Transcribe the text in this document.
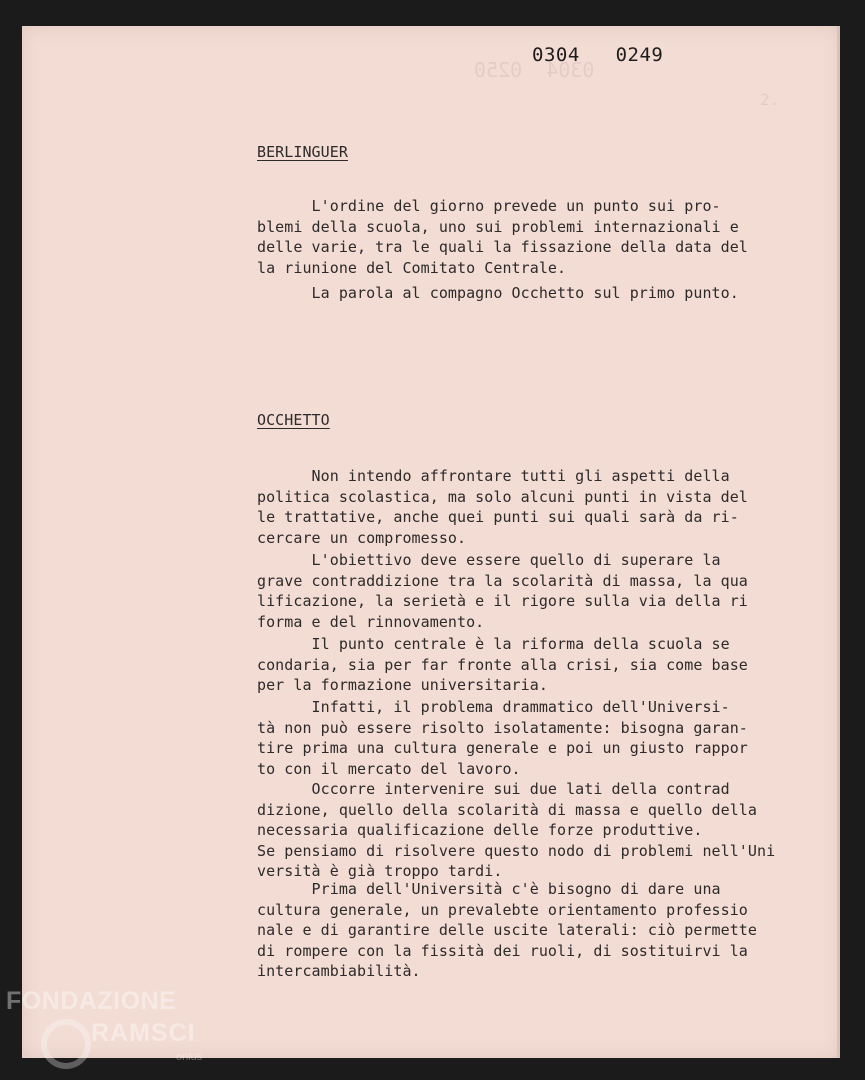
0304  0250

2.

0304   0249

BERLINGUER

L'ordine del giorno prevede un punto sui pro-
blemi della scuola, uno sui problemi internazionali e
delle varie, tra le quali la fissazione della data del
la riunione del Comitato Centrale.

La parola al compagno Occhetto sul primo punto.

OCCHETTO

Non intendo affrontare tutti gli aspetti della
politica scolastica, ma solo alcuni punti in vista del
le trattative, anche quei punti sui quali sarà da ri-
cercare un compromesso.

L'obiettivo deve essere quello di superare la
grave contraddizione tra la scolarità di massa, la qua
lificazione, la serietà e il rigore sulla via della ri
forma e del rinnovamento.

Il punto centrale è la riforma della scuola se
condaria, sia per far fronte alla crisi, sia come base
per la formazione universitaria.

Infatti, il problema drammatico dell'Universi-
tà non può essere risolto isolatamente: bisogna garan-
tire prima una cultura generale e poi un giusto rappor
to con il mercato del lavoro.

Occorre intervenire sui due lati della contrad
dizione, quello della scolarità di massa e quello della
necessaria qualificazione delle forze produttive.
Se pensiamo di risolvere questo nodo di problemi nell'Uni
versità è già troppo tardi.

Prima dell'Università c'è bisogno di dare una
cultura generale, un prevalebte orientamento professio
nale e di garantire delle uscite laterali: ciò permette
di rompere con la fissità dei ruoli, di sostituirvi la
intercambiabilità.

FONDAZIONE
RAMSCI
onlus
